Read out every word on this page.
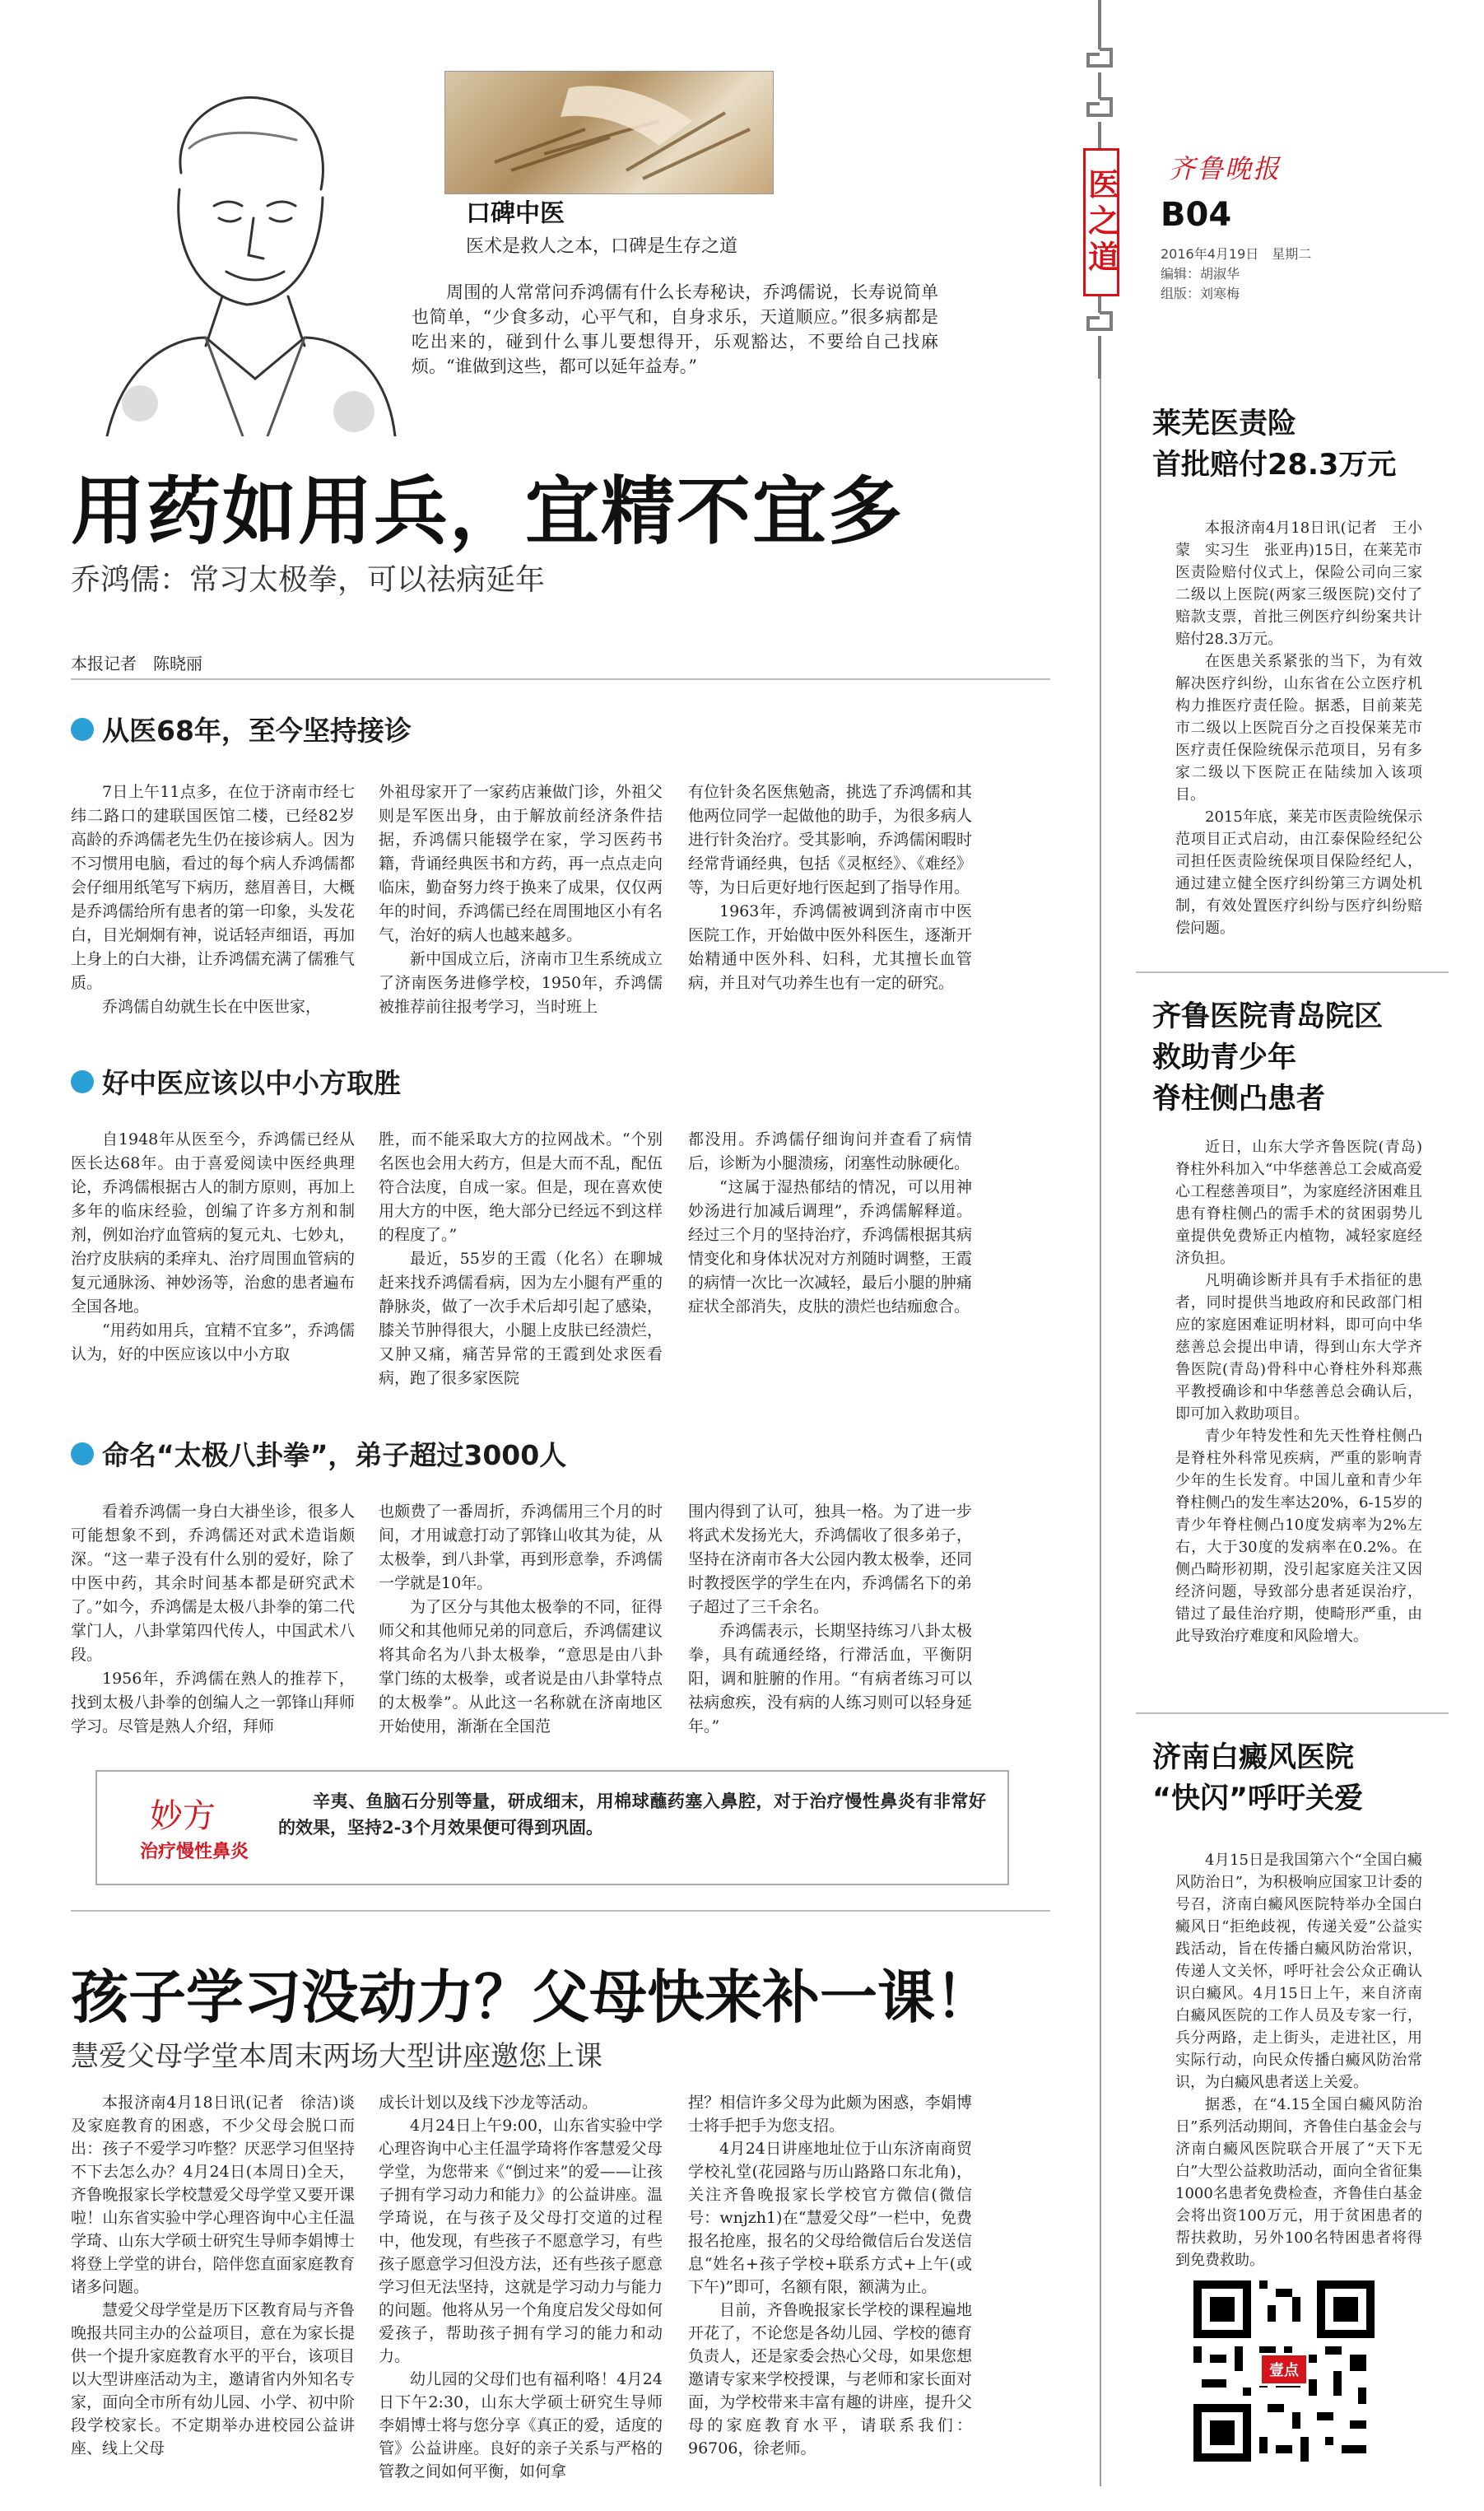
口碑中医
医术是救人之本，口碑是生存之道
周围的人常常问乔鸿儒有什么长寿秘诀，乔鸿儒说，长寿说简单也简单，“少食多动，心平气和，自身求乐，天道顺应。”很多病都是吃出来的，碰到什么事儿要想得开，乐观豁达，不要给自己找麻烦。“谁做到这些，都可以延年益寿。”
医之道 齐鲁晚报
B04
2016年4月19日　星期二
编辑：胡淑华
组版：刘寒梅
用药如用兵，宜精不宜多
乔鸿儒：常习太极拳，可以祛病延年
本报记者　陈晓丽
从医68年，至今坚持接诊

7日上午11点多，在位于济南市经七纬二路口的建联国医馆二楼，已经82岁高龄的乔鸿儒老先生仍在接诊病人。因为不习惯用电脑，看过的每个病人乔鸿儒都会仔细用纸笔写下病历，慈眉善目，大概是乔鸿儒给所有患者的第一印象，头发花白，目光炯炯有神，说话轻声细语，再加上身上的白大褂，让乔鸿儒充满了儒雅气质。

乔鸿儒自幼就生长在中医世家，

外祖母家开了一家药店兼做门诊，外祖父则是军医出身，由于解放前经济条件拮据，乔鸿儒只能辍学在家，学习医药书籍，背诵经典医书和方药，再一点点走向临床，勤奋努力终于换来了成果，仅仅两年的时间，乔鸿儒已经在周围地区小有名气，治好的病人也越来越多。

新中国成立后，济南市卫生系统成立了济南医务进修学校，1950年，乔鸿儒被推荐前往报考学习，当时班上

有位针灸名医焦勉斋，挑选了乔鸿儒和其他两位同学一起做他的助手，为很多病人进行针灸治疗。受其影响，乔鸿儒闲暇时经常背诵经典，包括《灵枢经》、《难经》等，为日后更好地行医起到了指导作用。

1963年，乔鸿儒被调到济南市中医医院工作，开始做中医外科医生，逐渐开始精通中医外科、妇科，尤其擅长血管病，并且对气功养生也有一定的研究。

好中医应该以中小方取胜

自1948年从医至今，乔鸿儒已经从医长达68年。由于喜爱阅读中医经典理论，乔鸿儒根据古人的制方原则，再加上多年的临床经验，创编了许多方剂和制剂，例如治疗血管病的复元丸、七妙丸，治疗皮肤病的柔痒丸、治疗周围血管病的复元通脉汤、神妙汤等，治愈的患者遍布全国各地。

“用药如用兵，宜精不宜多”，乔鸿儒认为，好的中医应该以中小方取

胜，而不能采取大方的拉网战术。“个别名医也会用大药方，但是大而不乱，配伍符合法度，自成一家。但是，现在喜欢使用大方的中医，绝大部分已经远不到这样的程度了。”

最近，55岁的王霞（化名）在聊城赶来找乔鸿儒看病，因为左小腿有严重的静脉炎，做了一次手术后却引起了感染，膝关节肿得很大，小腿上皮肤已经溃烂，又肿又痛，痛苦异常的王霞到处求医看病，跑了很多家医院

都没用。乔鸿儒仔细询问并查看了病情后，诊断为小腿溃疡，闭塞性动脉硬化。

“这属于湿热郁结的情况，可以用神妙汤进行加减后调理”，乔鸿儒解释道。经过三个月的坚持治疗，乔鸿儒根据其病情变化和身体状况对方剂随时调整，王霞的病情一次比一次减轻，最后小腿的肿痛症状全部消失，皮肤的溃烂也结痂愈合。

命名“太极八卦拳”，弟子超过3000人

看着乔鸿儒一身白大褂坐诊，很多人可能想象不到，乔鸿儒还对武术造诣颇深。“这一辈子没有什么别的爱好，除了中医中药，其余时间基本都是研究武术了。”如今，乔鸿儒是太极八卦拳的第二代掌门人，八卦掌第四代传人，中国武术八段。

1956年，乔鸿儒在熟人的推荐下，找到太极八卦拳的创编人之一郭锋山拜师学习。尽管是熟人介绍，拜师

也颇费了一番周折，乔鸿儒用三个月的时间，才用诚意打动了郭锋山收其为徒，从太极拳，到八卦掌，再到形意拳，乔鸿儒一学就是10年。

为了区分与其他太极拳的不同，征得师父和其他师兄弟的同意后，乔鸿儒建议将其命名为八卦太极拳，“意思是由八卦掌门练的太极拳，或者说是由八卦掌特点的太极拳”。从此这一名称就在济南地区开始使用，渐渐在全国范

围内得到了认可，独具一格。为了进一步将武术发扬光大，乔鸿儒收了很多弟子，坚持在济南市各大公园内教太极拳，还同时教授医学的学生在内，乔鸿儒名下的弟子超过了三千余名。

乔鸿儒表示，长期坚持练习八卦太极拳，具有疏通经络，行滞活血，平衡阴阳，调和脏腑的作用。“有病者练习可以祛病愈疾，没有病的人练习则可以轻身延年。”

妙方
治疗慢性鼻炎
辛夷、鱼脑石分别等量，研成细末，用棉球蘸药塞入鼻腔，对于治疗慢性鼻炎有非常好的效果，坚持2-3个月效果便可得到巩固。
孩子学习没动力？父母快来补一课！
慧爱父母学堂本周末两场大型讲座邀您上课

本报济南4月18日讯(记者　徐洁)谈及家庭教育的困惑，不少父母会脱口而出：孩子不爱学习咋整？厌恶学习但坚持不下去怎么办？4月24日(本周日)全天，齐鲁晚报家长学校慧爱父母学堂又要开课啦！山东省实验中学心理咨询中心主任温学琦、山东大学硕士研究生导师李娟博士将登上学堂的讲台，陪伴您直面家庭教育诸多问题。

慧爱父母学堂是历下区教育局与齐鲁晚报共同主办的公益项目，意在为家长提供一个提升家庭教育水平的平台，该项目以大型讲座活动为主，邀请省内外知名专家，面向全市所有幼儿园、小学、初中阶段学校家长。不定期举办进校园公益讲座、线上父母

成长计划以及线下沙龙等活动。

4月24日上午9:00，山东省实验中学心理咨询中心主任温学琦将作客慧爱父母学堂，为您带来《“倒过来”的爱——让孩子拥有学习动力和能力》的公益讲座。温学琦说，在与孩子及父母打交道的过程中，他发现，有些孩子不愿意学习，有些孩子愿意学习但没方法，还有些孩子愿意学习但无法坚持，这就是学习动力与能力的问题。他将从另一个角度启发父母如何爱孩子，帮助孩子拥有学习的能力和动力。

幼儿园的父母们也有福利咯！4月24日下午2:30，山东大学硕士研究生导师李娟博士将与您分享《真正的爱，适度的管》公益讲座。良好的亲子关系与严格的管教之间如何平衡，如何拿

捏？相信许多父母为此颇为困惑，李娟博士将手把手为您支招。

4月24日讲座地址位于山东济南商贸学校礼堂(花园路与历山路路口东北角)，关注齐鲁晚报家长学校官方微信(微信号：wnjzh1)在“慧爱父母”一栏中，免费报名抢座，报名的父母给微信后台发送信息“姓名+孩子学校+联系方式+上午(或下午)”即可，名额有限，额满为止。

目前，齐鲁晚报家长学校的课程遍地开花了，不论您是各幼儿园、学校的德育负责人，还是家委会热心父母，如果您想邀请专家来学校授课，与老师和家长面对面，为学校带来丰富有趣的讲座，提升父母的家庭教育水平，请联系我们：96706，徐老师。

莱芜医责险
首批赔付28.3万元

本报济南4月18日讯(记者　王小蒙　实习生　张亚冉)15日，在莱芜市医责险赔付仪式上，保险公司向三家二级以上医院(两家三级医院)交付了赔款支票，首批三例医疗纠纷案共计赔付28.3万元。

在医患关系紧张的当下，为有效解决医疗纠纷，山东省在公立医疗机构力推医疗责任险。据悉，目前莱芜市二级以上医院百分之百投保莱芜市医疗责任保险统保示范项目，另有多家二级以下医院正在陆续加入该项目。

2015年底，莱芜市医责险统保示范项目正式启动，由江泰保险经纪公司担任医责险统保项目保险经纪人，通过建立健全医疗纠纷第三方调处机制，有效处置医疗纠纷与医疗纠纷赔偿问题。

齐鲁医院青岛院区
救助青少年
脊柱侧凸患者

近日，山东大学齐鲁医院(青岛)脊柱外科加入“中华慈善总工会威高爱心工程慈善项目”，为家庭经济困难且患有脊柱侧凸的需手术的贫困弱势儿童提供免费矫正内植物，减轻家庭经济负担。

凡明确诊断并具有手术指征的患者，同时提供当地政府和民政部门相应的家庭困难证明材料，即可向中华慈善总会提出申请，得到山东大学齐鲁医院(青岛)骨科中心脊柱外科郑燕平教授确诊和中华慈善总会确认后，即可加入救助项目。

青少年特发性和先天性脊柱侧凸是脊柱外科常见疾病，严重的影响青少年的生长发育。中国儿童和青少年脊柱侧凸的发生率达20%，6-15岁的青少年脊柱侧凸10度发病率为2%左右，大于30度的发病率在0.2%。在侧凸畸形初期，没引起家庭关注又因经济问题，导致部分患者延误治疗，错过了最佳治疗期，使畸形严重，由此导致治疗难度和风险增大。

济南白癜风医院
“快闪”呼吁关爱

4月15日是我国第六个“全国白癜风防治日”，为积极响应国家卫计委的号召，济南白癜风医院特举办全国白癜风日“拒绝歧视，传递关爱”公益实践活动，旨在传播白癜风防治常识，传递人文关怀，呼吁社会公众正确认识白癜风。4月15日上午，来自济南白癜风医院的工作人员及专家一行，兵分两路，走上街头，走进社区，用实际行动，向民众传播白癜风防治常识，为白癜风患者送上关爱。

据悉，在“4.15全国白癜风防治日”系列活动期间，齐鲁佳白基金会与济南白癜风医院联合开展了“天下无白”大型公益救助活动，面向全省征集1000名患者免费检查，齐鲁佳白基金会将出资100万元，用于贫困患者的帮扶救助，另外100名特困患者将得到免费救助。

壹点
